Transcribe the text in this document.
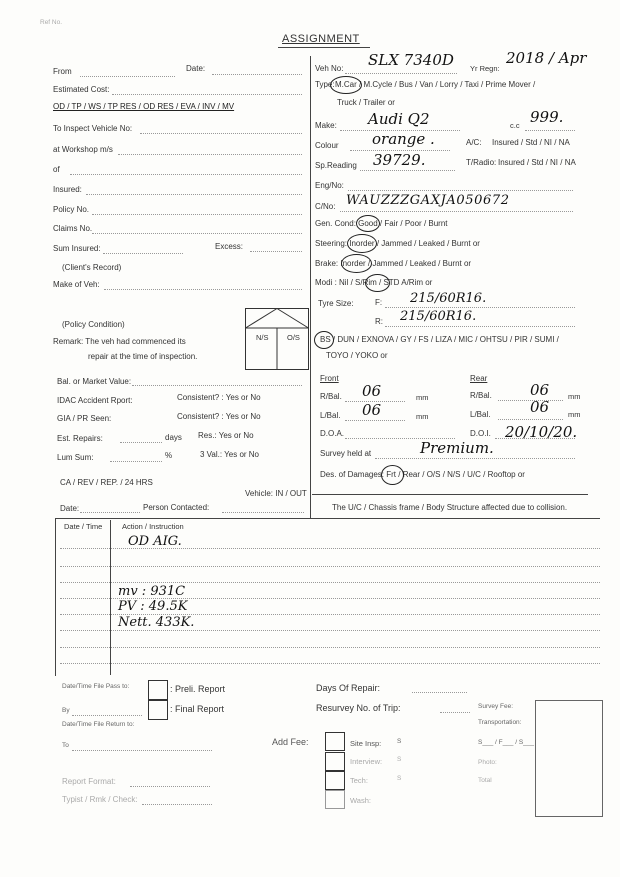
Ref No.
ASSIGNMENT
From	Date:
Estimated Cost:
OD / TP / WS / TP RES / OD RES / EVA / INV / MV
To Inspect Vehicle No:
at Workshop m/s
of
Insured:
Policy No.
Claims No.
Sum Insured:	Excess:
(Client's Record)
Make of Veh:
(Policy Condition)
Remark: The veh had commenced its
repair at the time of inspection.
N/S O/S
Bal. or Market Value:
IDAC Accident Rport:	Consistent? : Yes or No
GIA / PR Seen:	Consistent? : Yes or No
Est. Repairs:	days Res.: Yes or No
Lum Sum:	%	3 Val.: Yes or No
CA / REV / REP. / 24 HRS
Vehicle: IN / OUT
Date:	Person Contacted:
Veh No: SLX 7340D Yr Regn:
2018 / Apr
Type: M.Car / M.Cycle / Bus / Van / Lorry / Taxi / Prime Mover /
Truck / Trailer or
Make: Audi Q2	c.c 999.
Colour orange .	A/C: Insured / Std / NI / NA
Sp.Reading 39729.	T/Radio: Insured / Std / NI / NA
Eng/No:
C/No: WAUZZZGAXJA050672
Gen. Cond: Good / Fair / Poor / Burnt
Steering: Inorder / Jammed / Leaked / Burnt or
Brake: Inorder / Jammed / Leaked / Burnt or
Modi : Nil / S/Rim / STD A/Rim or
Tyre Size:	F: 215/60R16.
R: 215/60R16.
BS / DUN / EXNOVA / GY / FS / LIZA / MIC / OHTSU / PIR / SUMI /
TOYO / YOKO or
Front	Rear
R/Bal. 06	mm	R/Bal.	06	mm
L/Bal. 06	mm	L/Bal.	06	mm
D.O.A.	D.O.I. 20/10/20.
Survey held at	Premium.
Des. of Damages: Frt / Rear / O/S / N/S / U/C / Rooftop or
The U/C / Chassis frame / Body Structure affected due to collision.
Date / Time	Action / Instruction
OD AIG.
mv : 931C
PV : 49.5K
Nett. 433K.
Date/Time File Pass to:	: Preli. Report
: Final Report
By
Date/Time File Return to:
To
Days Of Repair:
Resurvey No. of Trip:
Add Fee:	Site Insp: S
Interview: S
Tech:	S
Wash:
Survey Fee:
Transportation:
S___ / F___ / S___
Photo:
Total
Report Format:
Typist / Rmk / Check:
